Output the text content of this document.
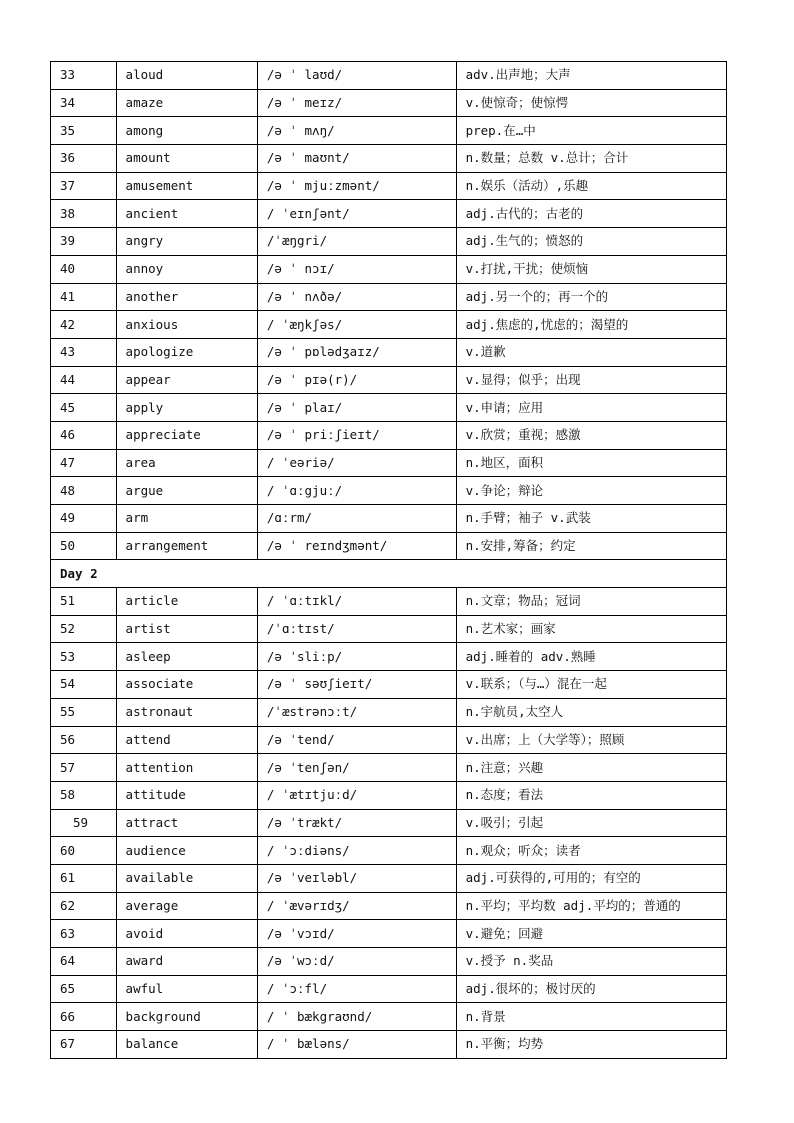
33	aloud	/ə ˈ laʊd/	adv.出声地；大声
34	amaze	/ə ˈ meɪz/	v.使惊奇；使惊愕
35	among	/ə ˈ mʌŋ/	prep.在…中
36	amount	/ə ˈ maʊnt/	n.数量；总数 v.总计；合计
37	amusement	/ə ˈ mjuːzmənt/	n.娱乐（活动）,乐趣
38	ancient	/ ˈeɪnʃənt/	adj.古代的；古老的
39	angry	/ˈæŋgri/	adj.生气的；愤怒的
40	annoy	/ə ˈ nɔɪ/	v.打扰,干扰；使烦恼
41	another	/ə ˈ nʌðə/	adj.另一个的；再一个的
42	anxious	/ ˈæŋkʃəs/	adj.焦虑的,忧虑的；渴望的
43	apologize	/ə ˈ pɒlədʒaɪz/	v.道歉
44	appear	/ə ˈ pɪə(r)/	v.显得；似乎；出现
45	apply	/ə ˈ plaɪ/	v.申请；应用
46	appreciate	/ə ˈ priːʃieɪt/	v.欣赏；重视；感激
47	area	/ ˈeəriə/	n.地区，面积
48	argue	/ ˈɑːgjuː/	v.争论；辩论
49	arm	/ɑːrm/	n.手臂；袖子 v.武装
50	arrangement	/ə ˈ reɪndʒmənt/	n.安排,筹备；约定
Day 2			
51	article	/ ˈɑːtɪkl/	n.文章；物品；冠词
52	artist	/ˈɑːtɪst/	n.艺术家；画家
53	asleep	/ə ˈsliːp/	adj.睡着的 adv.熟睡
54	associate	/ə ˈ səʊʃieɪt/	v.联系；（与…）混在一起
55	astronaut	/ˈæstrənɔːt/	n.宇航员,太空人
56	attend	/ə ˈtend/	v.出席；上（大学等）；照顾
57	attention	/ə ˈtenʃən/	n.注意；兴趣
58	attitude	/ ˈætɪtjuːd/	n.态度；看法
59	attract	/ə ˈtrækt/	v.吸引；引起
60	audience	/ ˈɔːdiəns/	n.观众；听众；读者
61	available	/ə ˈveɪləbl/	adj.可获得的,可用的；有空的
62	average	/ ˈævərɪdʒ/	n.平均；平均数 adj.平均的；普通的
63	avoid	/ə ˈvɔɪd/	v.避免；回避
64	award	/ə ˈwɔːd/	v.授予 n.奖品
65	awful	/ ˈɔːfl/	adj.很坏的；极讨厌的
66	background	/ ˈ bækgraʊnd/	n.背景
67	balance	/ ˈ bæləns/	n.平衡；均势
